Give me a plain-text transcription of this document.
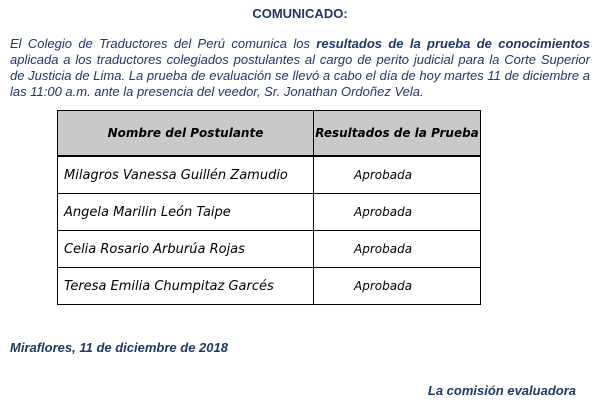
COMUNICADO:
El Colegio de Traductores del Perú comunica los resultados de la prueba de conocimientos aplicada a los traductores colegiados postulantes al cargo de perito judicial para la Corte Superior de Justicia de Lima. La prueba de evaluación se llevó a cabo el día de hoy martes 11 de diciembre a las 11:00 a.m. ante la presencia del veedor, Sr. Jonathan Ordoñez Vela.
Nombre del Postulante	Resultados de la Prueba
Milagros Vanessa Guillén Zamudio	Aprobada
Angela Marilin León Taipe	Aprobada
Celia Rosario Arburúa Rojas	Aprobada
Teresa Emilia Chumpitaz Garcés	Aprobada
Miraflores, 11 de diciembre de 2018
La comisión evaluadora
